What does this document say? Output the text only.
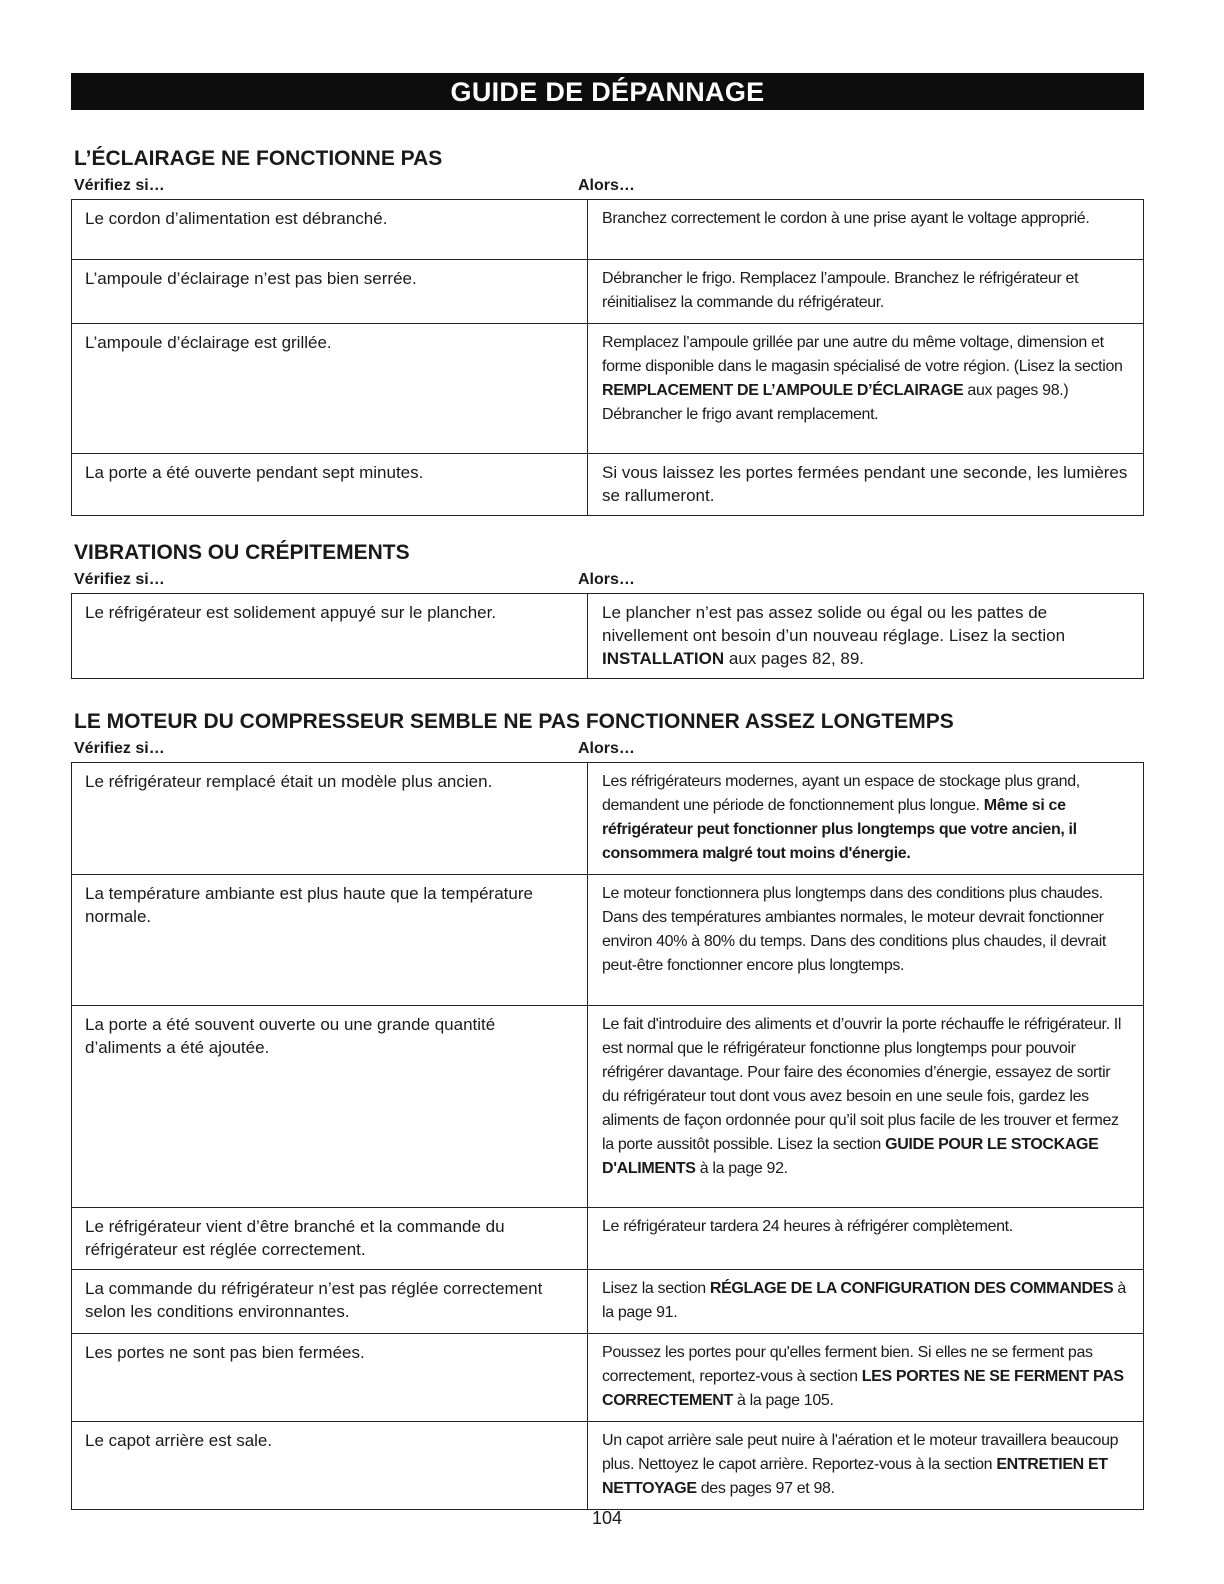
GUIDE DE DÉPANNAGE
L’ÉCLAIRAGE NE FONCTIONNE PAS
Vérifiez si…	Alors…
Le cordon d’alimentation est débranché.	Branchez correctement le cordon à une prise ayant le voltage approprié.
L’ampoule d’éclairage n’est pas bien serrée.	Débrancher le frigo. Remplacez l’ampoule. Branchez le réfrigérateur et réinitialisez la commande du réfrigérateur.
L’ampoule d’éclairage est grillée.	Remplacez l’ampoule grillée par une autre du même voltage, dimension et forme disponible dans le magasin spécialisé de votre région. (Lisez la section REMPLACEMENT DE L’AMPOULE D’ÉCLAIRAGE aux pages 98.) Débrancher le frigo avant remplacement.
La porte a été ouverte pendant sept minutes.	Si vous laissez les portes fermées pendant une seconde, les lumières se rallumeront.
VIBRATIONS OU CRÉPITEMENTS
Vérifiez si…	Alors…
Le réfrigérateur est solidement appuyé sur le plancher.	Le plancher n’est pas assez solide ou égal ou les pattes de nivellement ont besoin d’un nouveau réglage. Lisez la section INSTALLATION aux pages 82, 89.
LE MOTEUR DU COMPRESSEUR SEMBLE NE PAS FONCTIONNER ASSEZ LONGTEMPS
Vérifiez si…	Alors…
Le réfrigérateur remplacé était un modèle plus ancien.	Les réfrigérateurs modernes, ayant un espace de stockage plus grand, demandent une période de fonctionnement plus longue. Même si ce réfrigérateur peut fonctionner plus longtemps que votre ancien, il consommera malgré tout moins d'énergie.
La température ambiante est plus haute que la température normale.	Le moteur fonctionnera plus longtemps dans des conditions plus chaudes. Dans des températures ambiantes normales, le moteur devrait fonctionner environ 40% à 80% du temps. Dans des conditions plus chaudes, il devrait peut-être fonctionner encore plus longtemps.
La porte a été souvent ouverte ou une grande quantité d’aliments a été ajoutée.	Le fait d'introduire des aliments et d’ouvrir la porte réchauffe le réfrigérateur. Il est normal que le réfrigérateur fonctionne plus longtemps pour pouvoir réfrigérer davantage. Pour faire des économies d’énergie, essayez de sortir du réfrigérateur tout dont vous avez besoin en une seule fois, gardez les aliments de façon ordonnée pour qu’il soit plus facile de les trouver et fermez la porte aussitôt possible. Lisez la section GUIDE POUR LE STOCKAGE D'ALIMENTS à la page 92.
Le réfrigérateur vient d’être branché et la commande du réfrigérateur est réglée correctement.	Le réfrigérateur tardera 24 heures à réfrigérer complètement.
La commande du réfrigérateur n’est pas réglée correctement selon les conditions environnantes.	Lisez la section RÉGLAGE DE LA CONFIGURATION DES COMMANDES à la page 91.
Les portes ne sont pas bien fermées.	Poussez les portes pour qu'elles ferment bien. Si elles ne se ferment pas correctement, reportez-vous à section LES PORTES NE SE FERMENT PAS CORRECTEMENT à la page 105.
Le capot arrière est sale.	Un capot arrière sale peut nuire à l'aération et le moteur travaillera beaucoup plus. Nettoyez le capot arrière. Reportez-vous à la section ENTRETIEN ET NETTOYAGE des pages 97 et 98.
104
